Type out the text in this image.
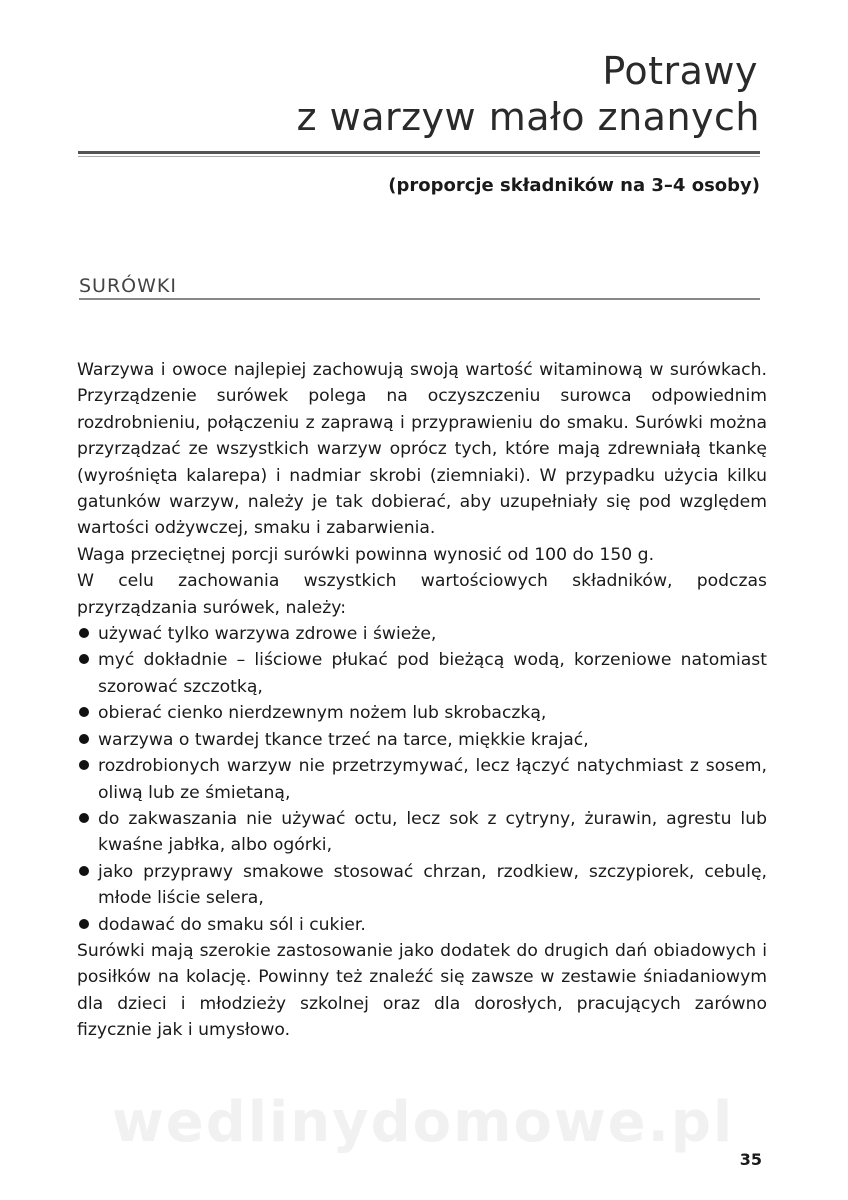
Potrawy
z warzyw mało znanych
(proporcje składników na 3–4 osoby)
SURÓWKI

Warzywa i owoce najlepiej zachowują swoją wartość witaminową w surówkach. Przyrządzenie surówek polega na oczyszczeniu surowca odpowiednim rozdrobnieniu, połączeniu z zaprawą i przyprawieniu do smaku. Surówki można przyrządzać ze wszystkich warzyw oprócz tych, które mają zdrewniałą tkankę (wyrośnięta kalarepa) i nadmiar skrobi (ziemniaki). W przypadku użycia kilku gatunków warzyw, należy je tak dobierać, aby uzupełniały się pod względem wartości odżywczej, smaku i zabarwienia.

Waga przeciętnej porcji surówki powinna wynosić od 100 do 150 g.

W celu zachowania wszystkich wartościowych składników, podczas przyrządzania surówek, należy:

używać tylko warzywa zdrowe i świeże,
myć dokładnie – liściowe płukać pod bieżącą wodą, korzeniowe natomiast szorować szczotką,
obierać cienko nierdzewnym nożem lub skrobaczką,
warzywa o twardej tkance trzeć na tarce, miękkie krajać,
rozdrobionych warzyw nie przetrzymywać, lecz łączyć natychmiast z sosem, oliwą lub ze śmietaną,
do zakwaszania nie używać octu, lecz sok z cytryny, żurawin, agrestu lub kwaśne jabłka, albo ogórki,
jako przyprawy smakowe stosować chrzan, rzodkiew, szczypiorek, cebulę, młode liście selera,
dodawać do smaku sól i cukier.

Surówki mają szerokie zastosowanie jako dodatek do drugich dań obiadowych i posiłków na kolację. Powinny też znaleźć się zawsze w zestawie śniadaniowym dla dzieci i młodzieży szkolnej oraz dla dorosłych, pracujących zarówno fizycznie jak i umysłowo.

wedlinydomowe.pl
35
